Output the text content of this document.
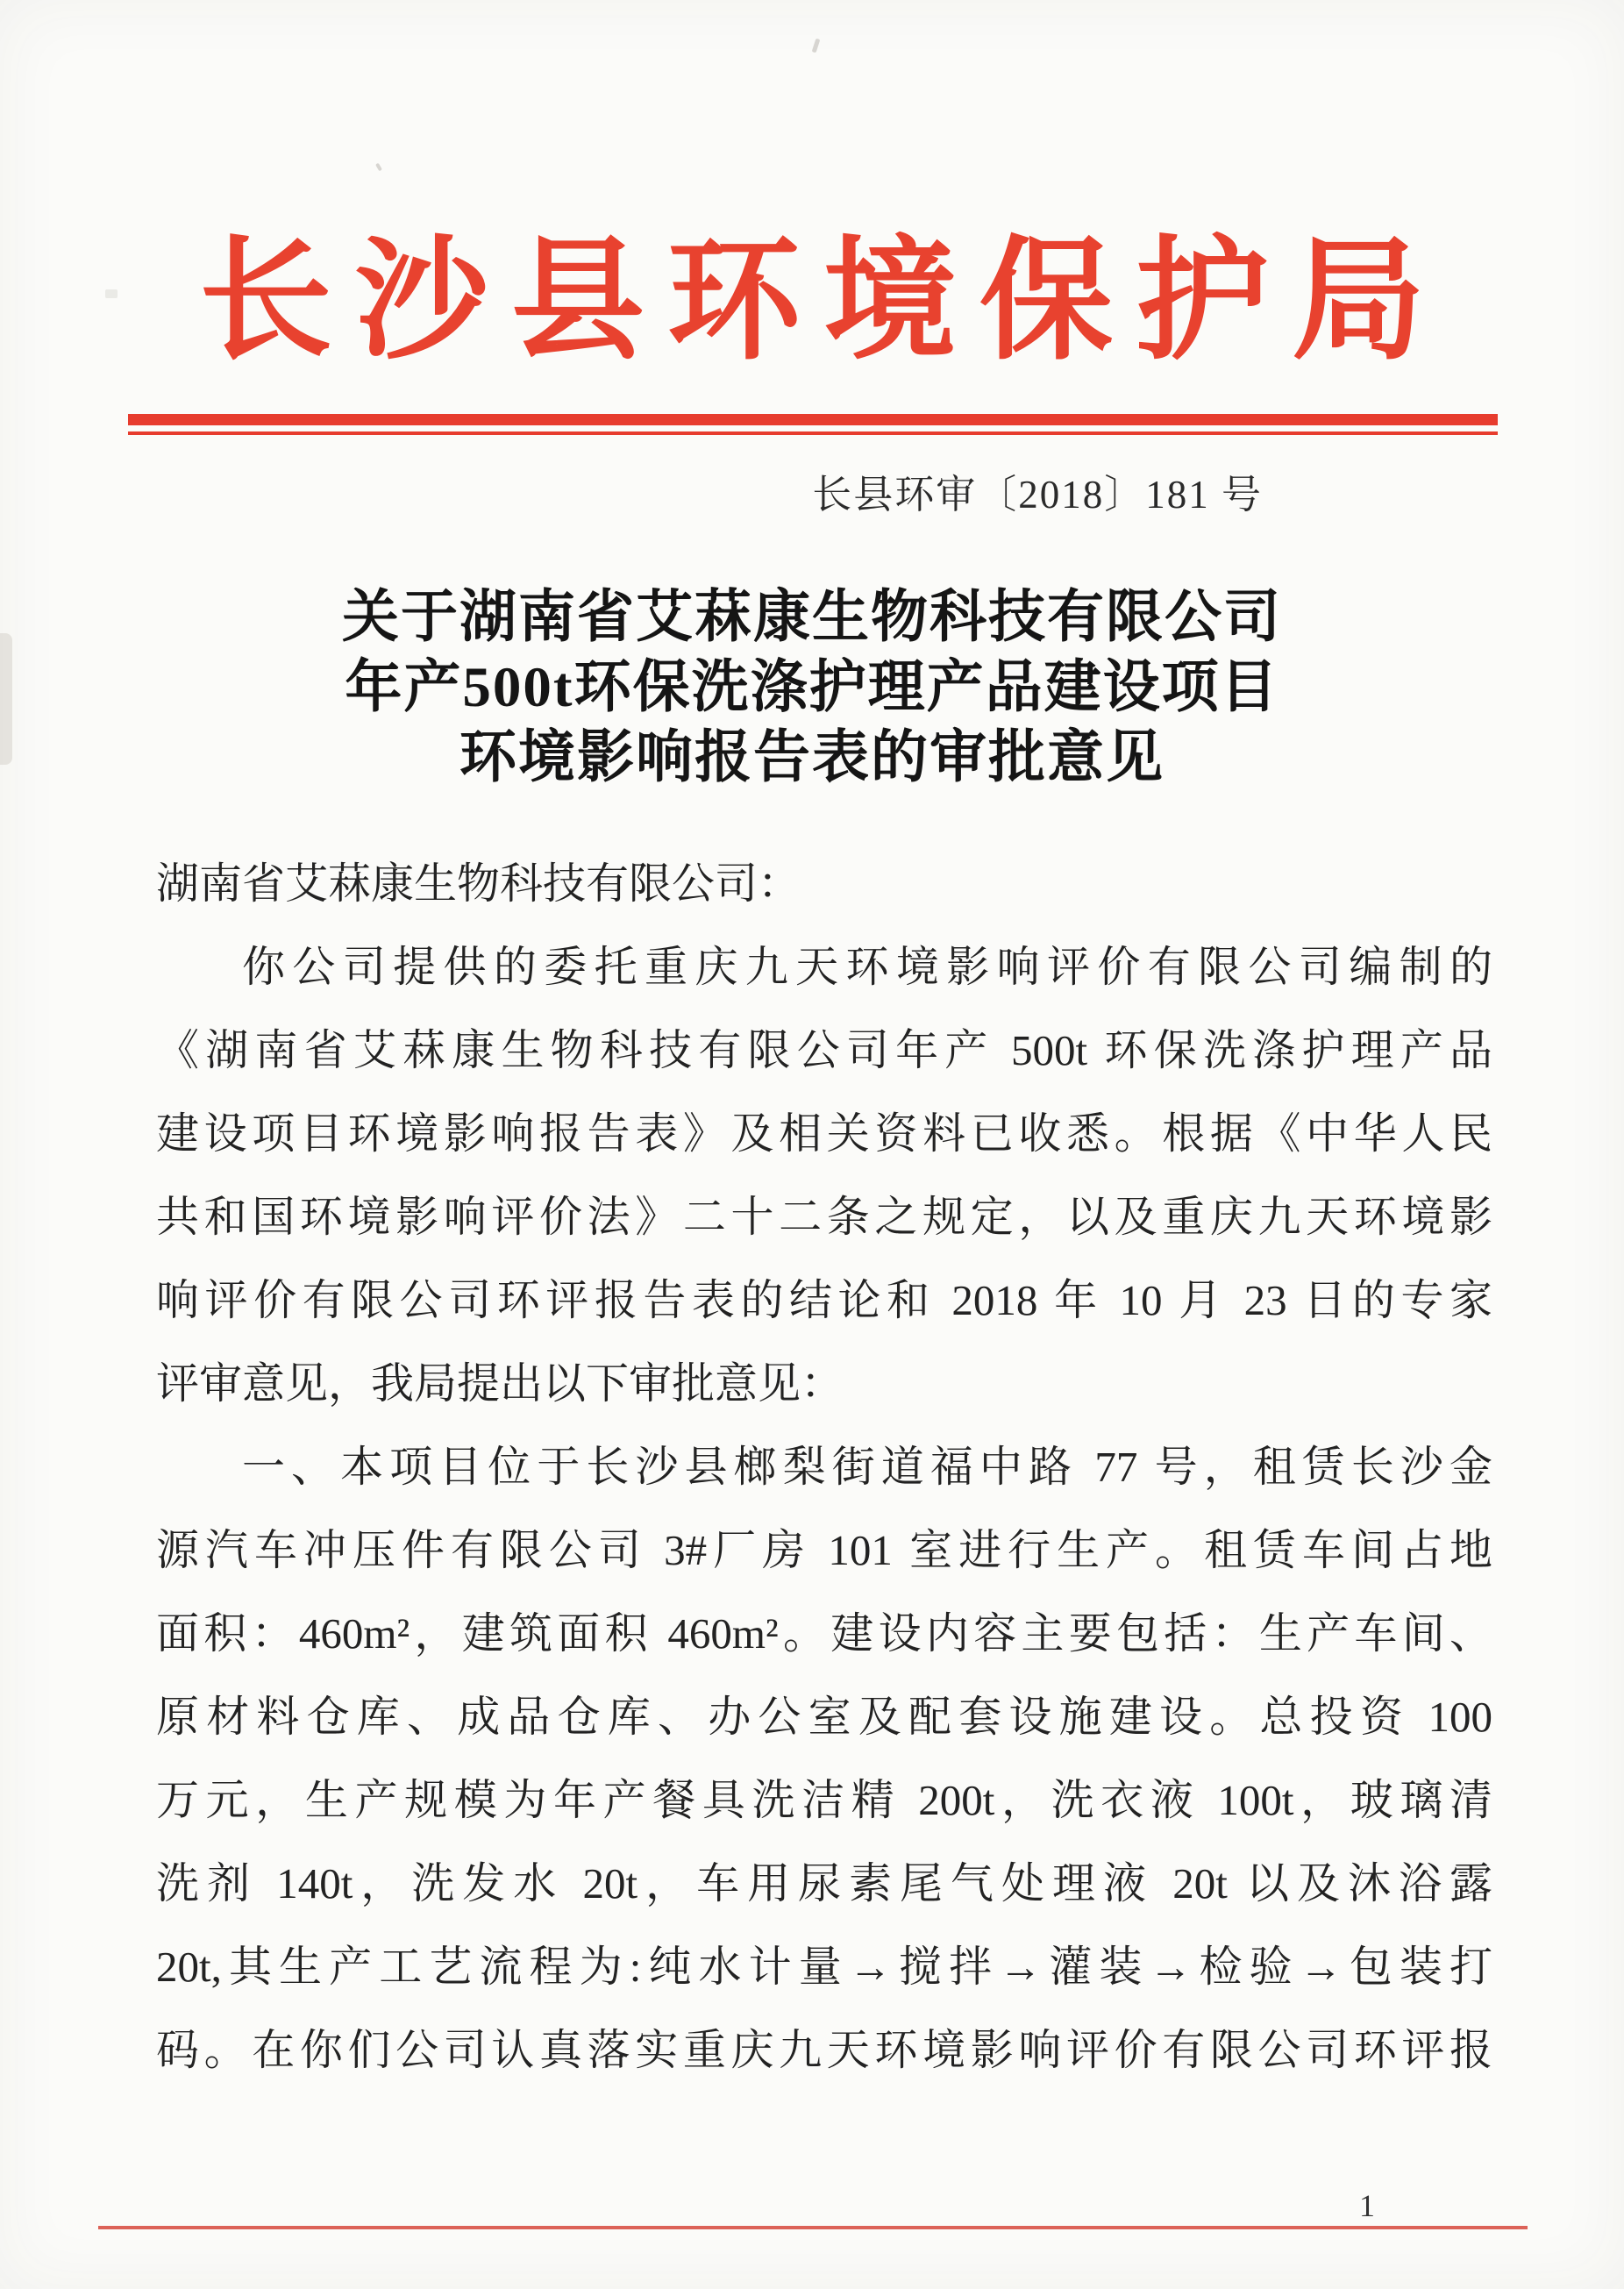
长沙县环境保护局
长县环审〔2018〕181 号
关于湖南省艾菻康生物科技有限公司
年产500t环保洗涤护理产品建设项目
环境影响报告表的审批意见
湖南省艾菻康生物科技有限公司：
你公司提供的委托重庆九天环境影响评价有限公司编制的
《湖南省艾菻康生物科技有限公司年产 500t 环保洗涤护理产品
建设项目环境影响报告表》及相关资料已收悉。根据《中华人民
共和国环境影响评价法》二十二条之规定，以及重庆九天环境影
响评价有限公司环评报告表的结论和 2018 年 10 月 23 日的专家
评审意见，我局提出以下审批意见：
一、本项目位于长沙县榔梨街道福中路 77 号，租赁长沙金
源汽车冲压件有限公司 3#厂房 101 室进行生产。租赁车间占地
面积：460m²，建筑面积 460m²。建设内容主要包括：生产车间、
原材料仓库、成品仓库、办公室及配套设施建设。总投资 100
万元，生产规模为年产餐具洗洁精 200t，洗衣液 100t，玻璃清
洗剂 140t，洗发水 20t，车用尿素尾气处理液 20t 以及沐浴露
20t,其生产工艺流程为:纯水计量→搅拌→灌装→检验→包装打
码。在你们公司认真落实重庆九天环境影响评价有限公司环评报
1
